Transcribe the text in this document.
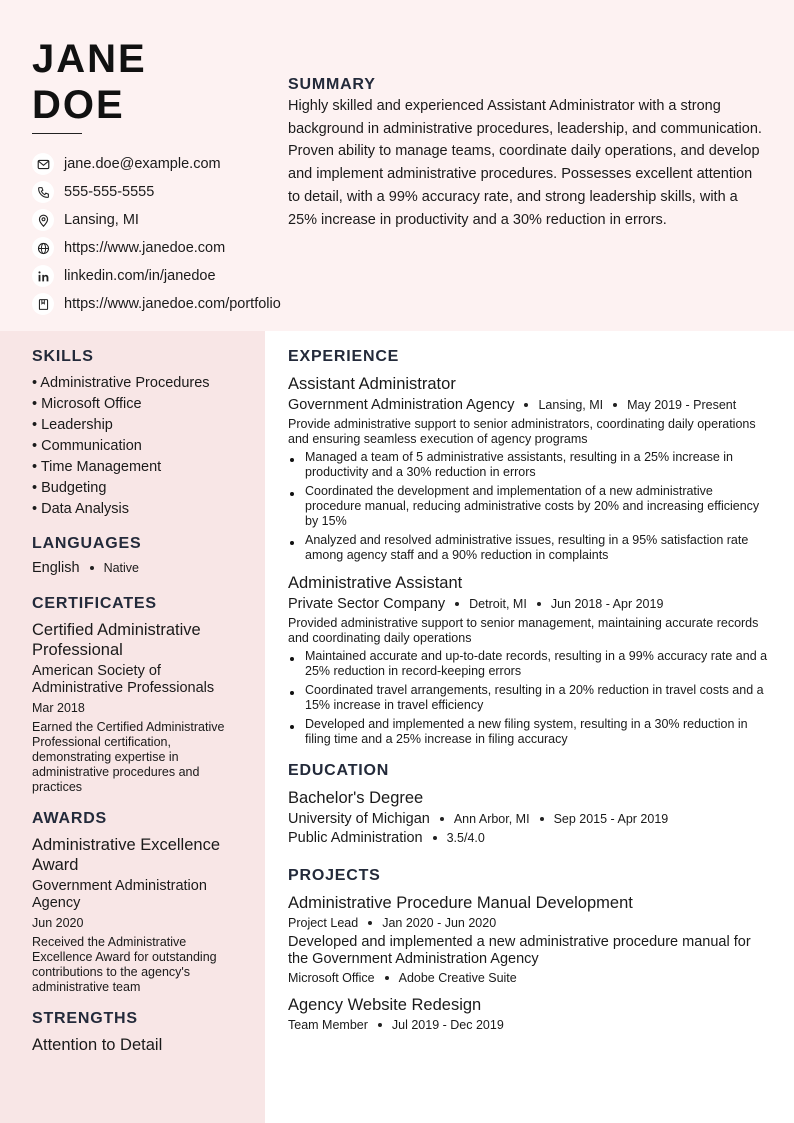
JANE
DOE
jane.doe@example.com
555-555-5555
Lansing, MI
https://www.janedoe.com
linkedin.com/in/janedoe
https://www.janedoe.com/portfolio
SUMMARY
Highly skilled and experienced Assistant Administrator with a strong background in administrative procedures, leadership, and communication. Proven ability to manage teams, coordinate daily operations, and develop and implement administrative procedures. Possesses excellent attention to detail, with a 99% accuracy rate, and strong leadership skills, with a 25% increase in productivity and a 30% reduction in errors.
SKILLS
• Administrative Procedures
• Microsoft Office
• Leadership
• Communication
• Time Management
• Budgeting
• Data Analysis
LANGUAGES
English Native
CERTIFICATES
Certified Administrative Professional
American Society of Administrative Professionals
Mar 2018
Earned the Certified Administrative Professional certification, demonstrating expertise in administrative procedures and practices
AWARDS
Administrative Excellence Award
Government Administration Agency
Jun 2020
Received the Administrative Excellence Award for outstanding contributions to the agency's administrative team
STRENGTHS
Attention to Detail
EXPERIENCE
Assistant Administrator
Government Administration Agency Lansing, MI May 2019 - Present
Provide administrative support to senior administrators, coordinating daily operations and ensuring seamless execution of agency programs
Managed a team of 5 administrative assistants, resulting in a 25% increase in productivity and a 30% reduction in errors
Coordinated the development and implementation of a new administrative procedure manual, reducing administrative costs by 20% and increasing efficiency by 15%
Analyzed and resolved administrative issues, resulting in a 95% satisfaction rate among agency staff and a 90% reduction in complaints
Administrative Assistant
Private Sector Company Detroit, MI Jun 2018 - Apr 2019
Provided administrative support to senior management, maintaining accurate records and coordinating daily operations
Maintained accurate and up-to-date records, resulting in a 99% accuracy rate and a 25% reduction in record-keeping errors
Coordinated travel arrangements, resulting in a 20% reduction in travel costs and a 15% increase in travel efficiency
Developed and implemented a new filing system, resulting in a 30% reduction in filing time and a 25% increase in filing accuracy
EDUCATION
Bachelor's Degree
University of Michigan Ann Arbor, MI Sep 2015 - Apr 2019
Public Administration 3.5/4.0
PROJECTS
Administrative Procedure Manual Development
Project Lead Jan 2020 - Jun 2020
Developed and implemented a new administrative procedure manual for the Government Administration Agency
Microsoft Office Adobe Creative Suite
Agency Website Redesign
Team Member Jul 2019 - Dec 2019
